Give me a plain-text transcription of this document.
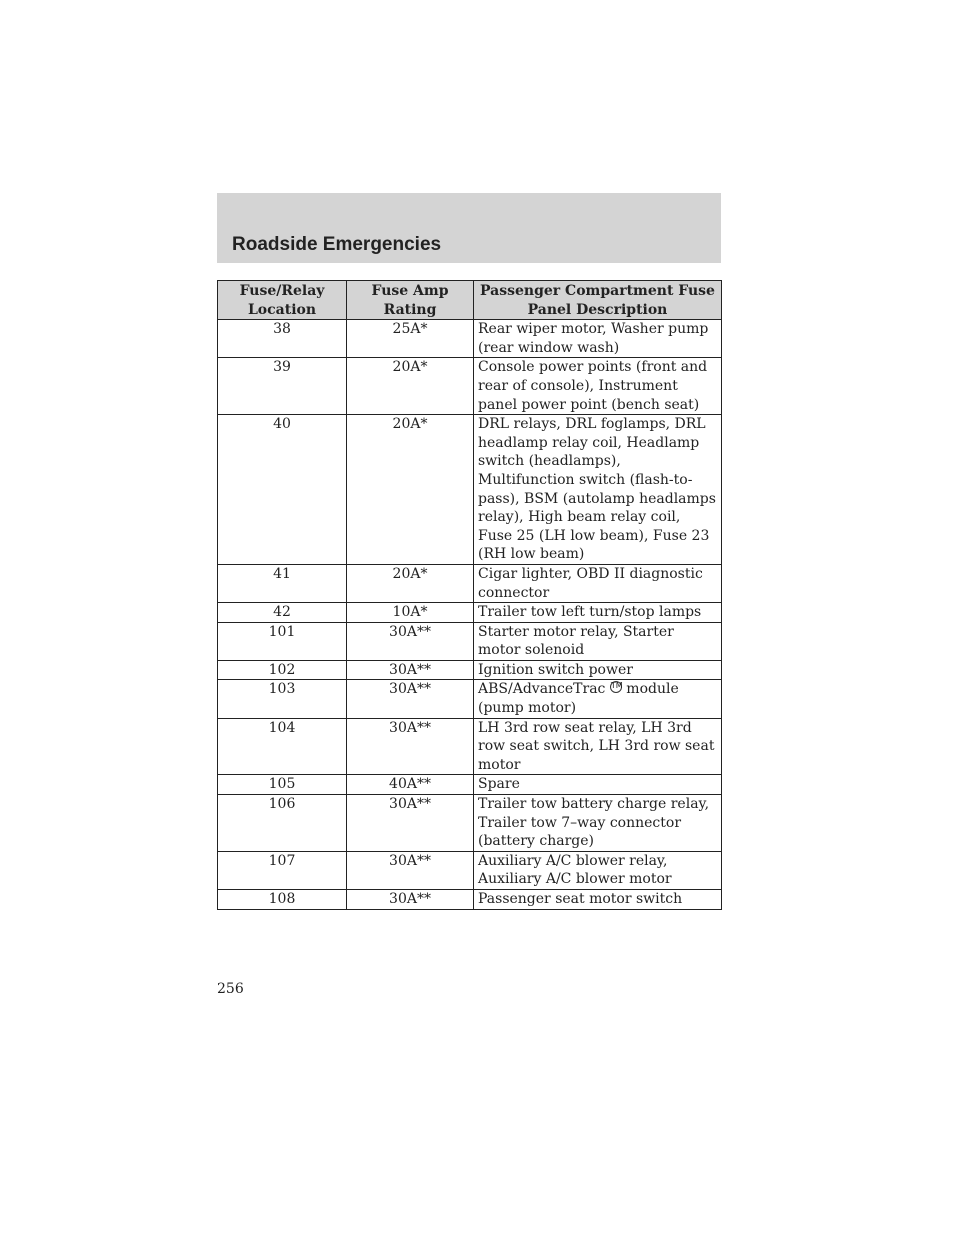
Roadside Emergencies
Fuse/Relay Location	Fuse Amp Rating	Passenger Compartment Fuse Panel Description
38	25A*	Rear wiper motor, Washer pump (rear window wash)
39	20A*	Console power points (front and rear of console), Instrument panel power point (bench seat)
40	20A*	DRL relays, DRL foglamps, DRL headlamp relay coil, Headlamp switch (headlamps), Multifunction switch (flash-to-pass), BSM (autolamp headlamps relay), High beam relay coil, Fuse 25 (LH low beam), Fuse 23 (RH low beam)
41	20A*	Cigar lighter, OBD II diagnostic connector
42	10A*	Trailer tow left turn/stop lamps
101	30A**	Starter motor relay, Starter motor solenoid
102	30A**	Ignition switch power
103	30A**	ABS/AdvanceTrac TM module (pump motor)
104	30A**	LH 3rd row seat relay, LH 3rd row seat switch, LH 3rd row seat motor
105	40A**	Spare
106	30A**	Trailer tow battery charge relay, Trailer tow 7–way connector (battery charge)
107	30A**	Auxiliary A/C blower relay, Auxiliary A/C blower motor
108	30A**	Passenger seat motor switch
256
